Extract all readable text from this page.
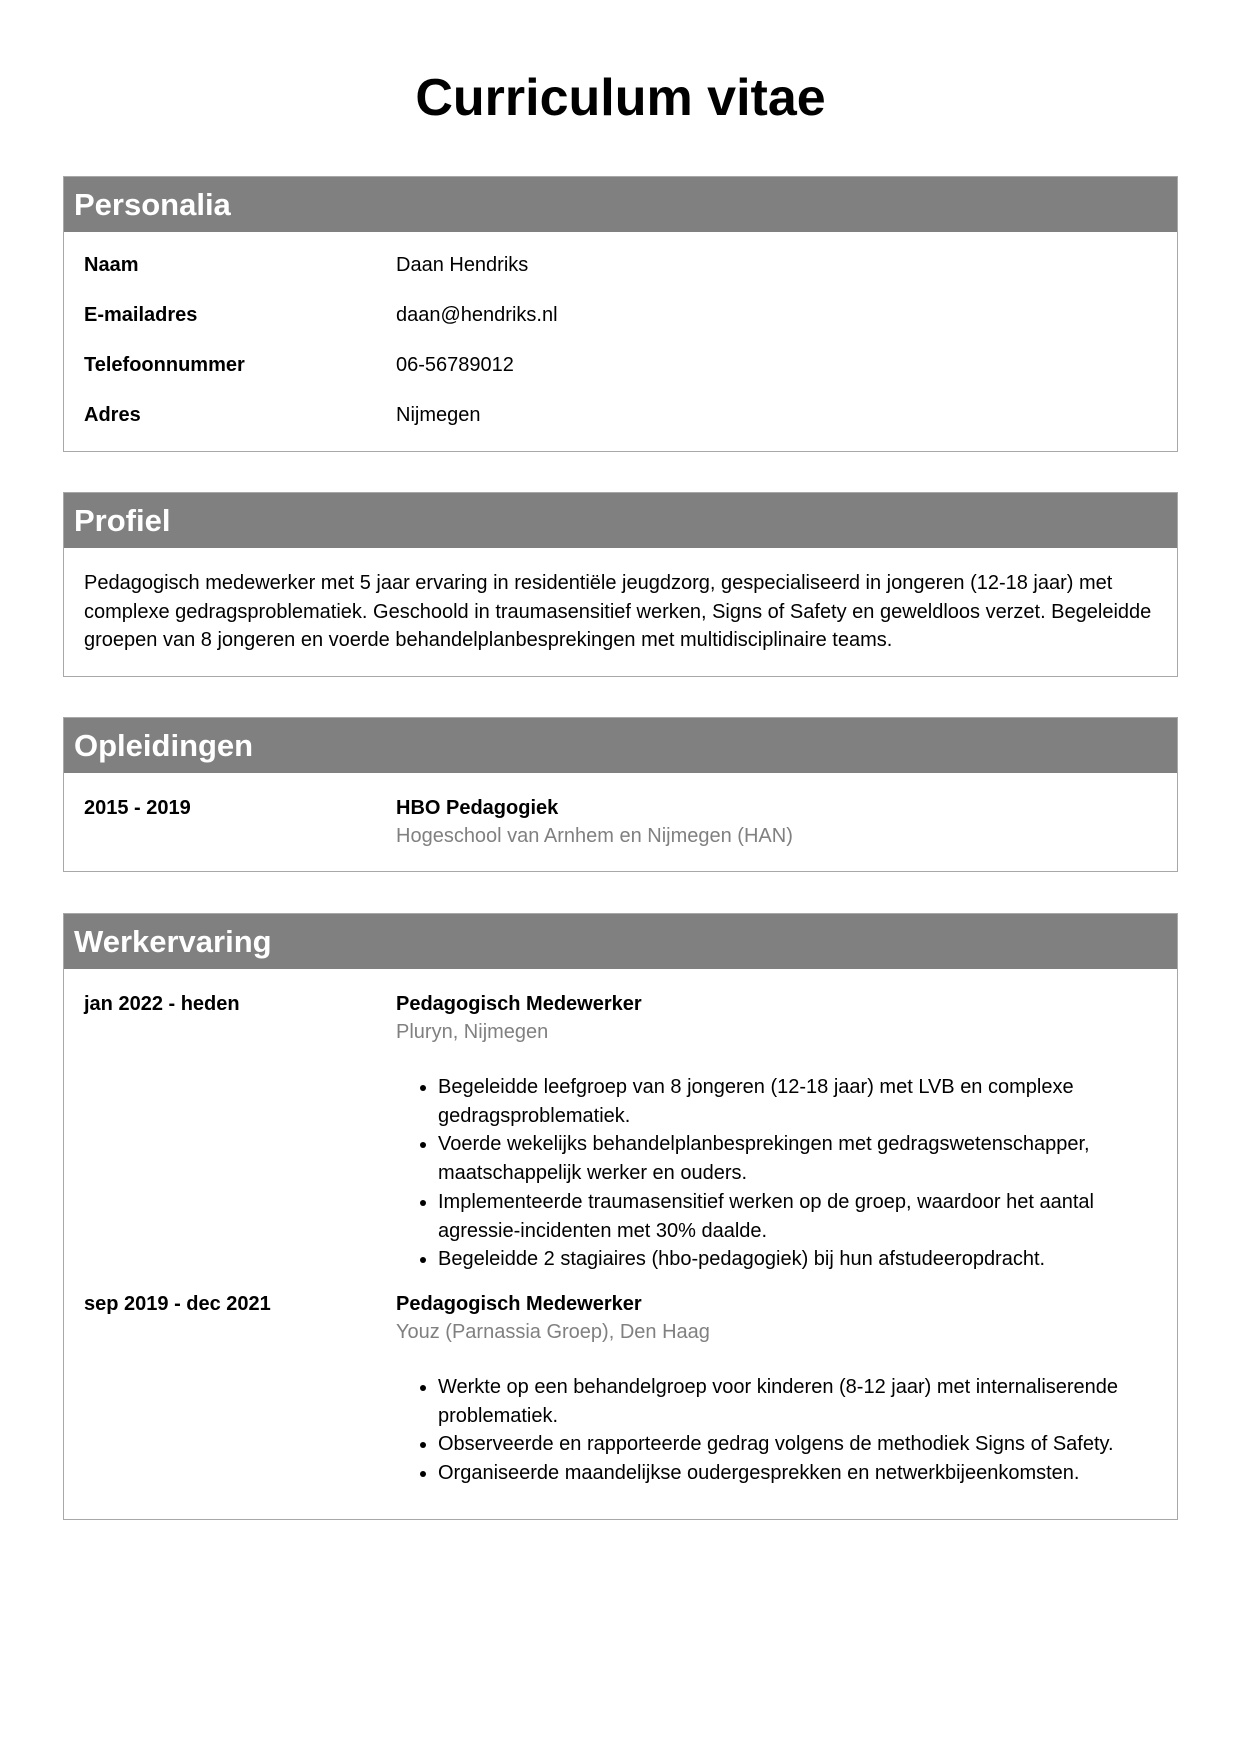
Curriculum vitae
Personalia
Naam	Daan Hendriks
E-mailadres	daan@hendriks.nl
Telefoonnummer	06-56789012
Adres	Nijmegen
Profiel

Pedagogisch medewerker met 5 jaar ervaring in residentiële jeugdzorg, gespecialiseerd in jongeren (12-18 jaar) met complexe gedragsproblematiek. Geschoold in traumasensitief werken, Signs of Safety en geweldloos verzet. Begeleidde groepen van 8 jongeren en voerde behandelplanbesprekingen met multidisciplinaire teams.

Opleidingen
2015 - 2019	HBO Pedagogiek
Hogeschool van Arnhem en Nijmegen (HAN)
Werkervaring
jan 2022 - heden	Pedagogisch Medewerker
Pluryn, Nijmegen
• Begeleidde leefgroep van 8 jongeren (12-18 jaar) met LVB en complexe gedragsproblematiek.
• Voerde wekelijks behandelplanbesprekingen met gedragswetenschapper, maatschappelijk werker en ouders.
• Implementeerde traumasensitief werken op de groep, waardoor het aantal agressie-incidenten met 30% daalde.
• Begeleidde 2 stagiaires (hbo-pedagogiek) bij hun afstudeeropdracht.
sep 2019 - dec 2021	Pedagogisch Medewerker
Youz (Parnassia Groep), Den Haag
• Werkte op een behandelgroep voor kinderen (8-12 jaar) met internaliserende problematiek.
• Observeerde en rapporteerde gedrag volgens de methodiek Signs of Safety.
• Organiseerde maandelijkse oudergesprekken en netwerkbijeenkomsten.
